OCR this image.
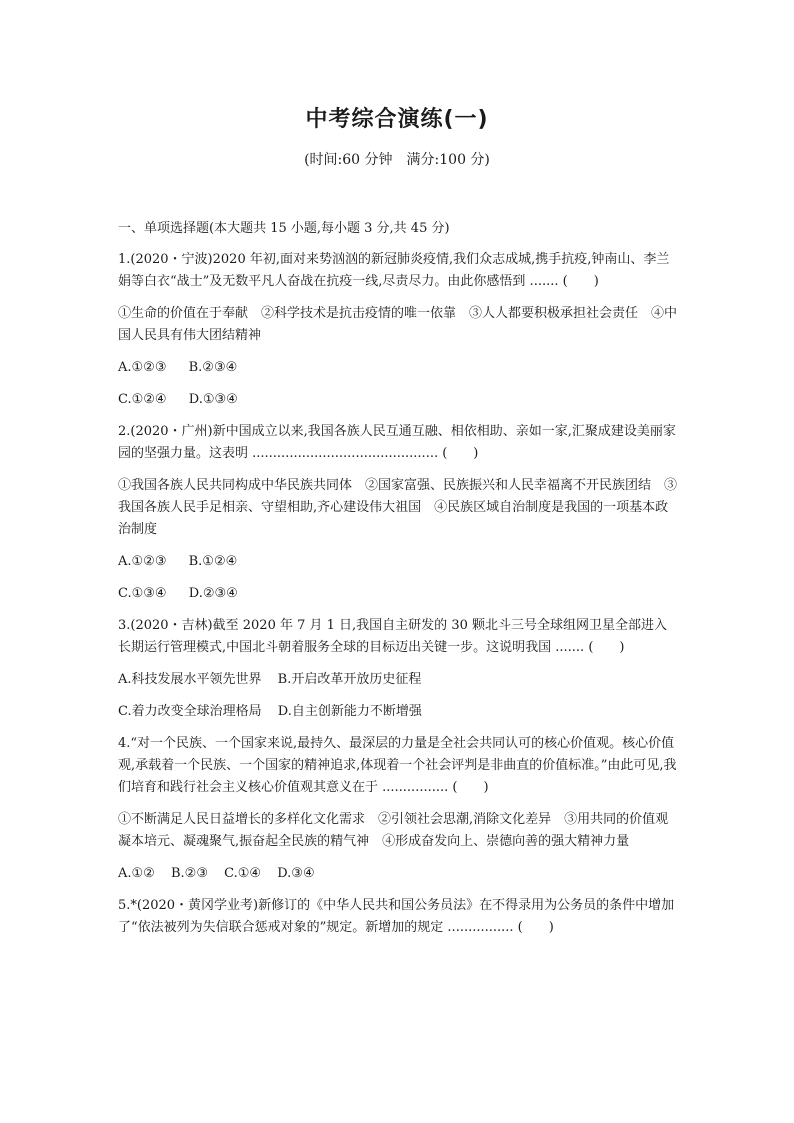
中考综合演练(一)
(时间:60 分钟　满分:100 分)
一、单项选择题(本大题共 15 小题,每小题 3 分,共 45 分)

1.(2020・宁波)2020 年初,面对来势汹汹的新冠肺炎疫情,我们众志成城,携手抗疫,钟南山、李兰娟等白衣“战士”及无数平凡人奋战在抗疫一线,尽责尽力。由此你感悟到 ....... (　　)

①生命的价值在于奉献　②科学技术是抗击疫情的唯一依靠　③人人都要积极承担社会责任　④中国人民具有伟大团结精神

A.①②③ B.②③④
C.①②④ D.①③④

2.(2020・广州)新中国成立以来,我国各族人民互通互融、相依相助、亲如一家,汇聚成建设美丽家园的坚强力量。这表明 ............................................. (　　)

①我国各族人民共同构成中华民族共同体　②国家富强、民族振兴和人民幸福离不开民族团结　③我国各族人民手足相亲、守望相助,齐心建设伟大祖国　④民族区域自治制度是我国的一项基本政治制度

A.①②③ B.①②④
C.①③④ D.②③④

3.(2020・吉林)截至 2020 年 7 月 1 日,我国自主研发的 30 颗北斗三号全球组网卫星全部进入长期运行管理模式,中国北斗朝着服务全球的目标迈出关键一步。这说明我国 ....... (　　)

A.科技发展水平领先世界 B.开启改革开放历史征程
C.着力改变全球治理格局 D.自主创新能力不断增强

4.“对一个民族、一个国家来说,最持久、最深层的力量是全社会共同认可的核心价值观。核心价值观,承载着一个民族、一个国家的精神追求,体现着一个社会评判是非曲直的价值标准。”由此可见,我们培育和践行社会主义核心价值观其意义在于 ................ (　　)

①不断满足人民日益增长的多样化文化需求　②引领社会思潮,消除文化差异　③用共同的价值观凝本培元、凝魂聚气,振奋起全民族的精气神　④形成奋发向上、崇德向善的强大精神力量

A.①② B.②③ C.①④ D.③④

5.*(2020・黄冈学业考)新修订的《中华人民共和国公务员法》在不得录用为公务员的条件中增加了“依法被列为失信联合惩戒对象的”规定。新增加的规定 ................ (　　)
